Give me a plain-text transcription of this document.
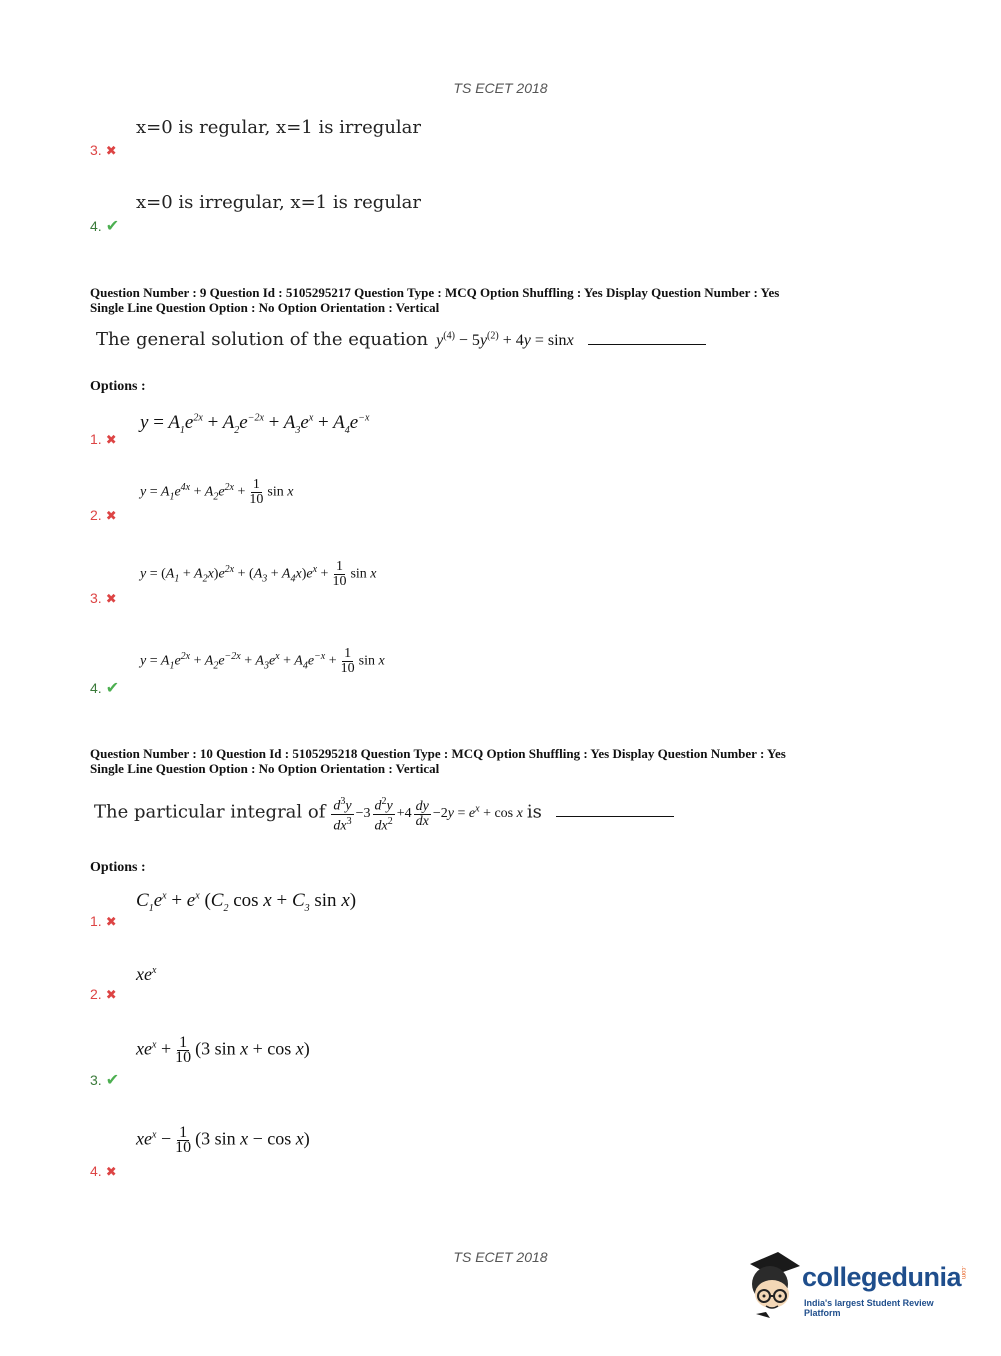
TS ECET 2018
x=0 is regular, x=1 is irregular
3. ✖
x=0 is irregular, x=1 is regular
4. ✔
Question Number : 9 Question Id : 5105295217 Question Type : MCQ Option Shuffling : Yes Display Question Number : Yes
Single Line Question Option : No Option Orientation : Vertical
The general solution of the equation  $y^{(4)} - 5y^{(2)} + 4y = \sin x$
Options :
$y = A_1e^{2x} + A_2e^{-2x} + A_3e^x + A_4e^{-x}$
1. ✖
$y = A_1e^{4x} + A_2e^{2x} + \frac{1}{10}$ sin x
2. ✖
$y = (A_1 + A_2x)e^{2x} + (A_3 + A_4x)e^x + \frac{1}{10}$ sin x
3. ✖
$y = A_1e^{2x} + A_2e^{-2x} + A_3e^x + A_4e^{-x} + \frac{1}{10}$ sin x
4. ✔
Question Number : 10 Question Id : 5105295218 Question Type : MCQ Option Shuffling : Yes Display Question Number : Yes
Single Line Question Option : No Option Orientation : Vertical
The particular integral of $\frac{d^3y}{dx^3} -3 \frac{d^2y}{dx^2} +4 \frac{dy}{dx} -2y = e^x + \cos x$ is
Options :
$C_1e^x + e^x$ ($C_2$ $\cos x + C_3$ sin x)
1. ✖
$xe^x$
2. ✖
$xe^x + \frac{1}{10} (3$ sin x + cos x)
3. ✔
$xe^x - \frac{1}{10} (3$ sin x − cos x)
4. ✖
TS ECET 2018
collegedunia
.com
India's largest Student Review Platform
